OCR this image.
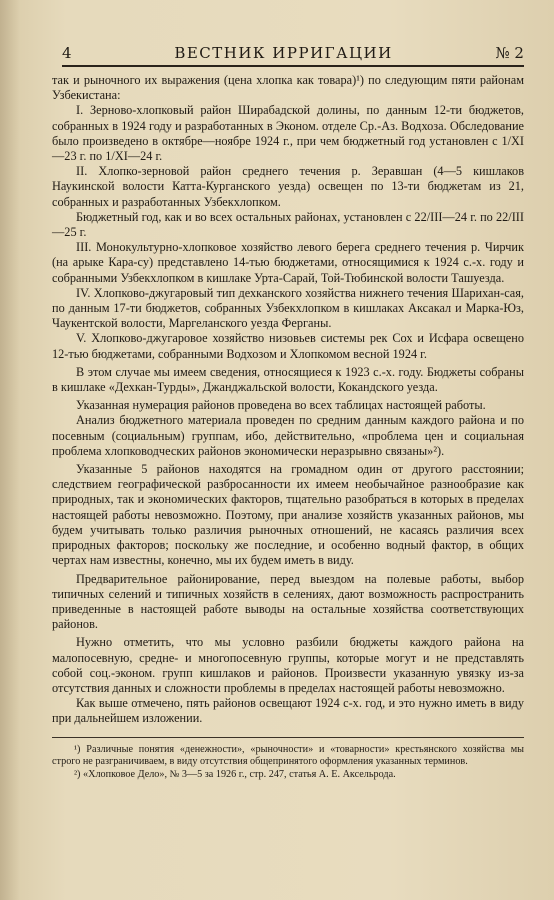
4	ВЕСТНИК ИРРИГАЦИИ	№ 2

так и рыночного их выражения (цена хлопка как товара)¹) по следующим пяти районам Узбекистана:

I. Зерново-хлопковый район Ширабадской долины, по данным 12-ти бюджетов, собранных в 1924 году и разработанных в Эконом. отделе Ср.-Аз. Водхоза. Обследование было произведено в октябре—ноябре 1924 г., при чем бюджетный год установлен с 1/XI—23 г. по 1/XI—24 г.

II. Хлопко-зерновой район среднего течения р. Зеравшан (4—5 кишлаков Наукинской волости Катта-Курганского уезда) освещен по 13-ти бюджетам из 21, собранных и разработанных Узбекхлопком.

Бюджетный год, как и во всех остальных районах, установлен с 22/III—24 г. по 22/III—25 г.

III. Монокультурно-хлопковое хозяйство левого берега среднего течения р. Чирчик (на арыке Кара-су) представлено 14-тью бюджетами, относящимися к 1924 с.-х. году и собранными Узбекхлопком в кишлаке Урта-Сарай, Той-Тюбинской волости Ташуезда.

IV. Хлопково-джугаровый тип дехканского хозяйства нижнего течения Шарихан-сая, по данным 17-ти бюджетов, собранных Узбекхлопком в кишлаках Аксакал и Марка-Юз, Чаукентской волости, Маргеланского уезда Ферганы.

V. Хлопково-джугаровое хозяйство низовьев системы рек Сох и Исфара освещено 12-тью бюджетами, собранными Водхозом и Хлопкомом весной 1924 г.

В этом случае мы имеем сведения, относящиеся к 1923 с.-х. году. Бюджеты собраны в кишлаке «Дехкан-Турды», Джанджальской волости, Кокандского уезда.

Указанная нумерация районов проведена во всех таблицах настоящей работы.

Анализ бюджетного материала проведен по средним данным каждого района и по посевным (социальным) группам, ибо, действительно, «проблема цен и социальная проблема хлопководческих районов экономически неразрывно связаны»²).

Указанные 5 районов находятся на громадном один от другого расстоянии; следствием географической разбросанности их имеем необычайное разнообразие как природных, так и экономических факторов, тщательно разобраться в которых в пределах настоящей работы невозможно. Поэтому, при анализе хозяйств указанных районов, мы будем учитывать только различия рыночных отношений, не касаясь различия всех природных факторов; поскольку же последние, и особенно водный фактор, в общих чертах нам известны, конечно, мы их будем иметь в виду.

Предварительное районирование, перед выездом на полевые работы, выбор типичных селений и типичных хозяйств в селениях, дают возможность распространить приведенные в настоящей работе выводы на остальные хозяйства соответствующих районов.

Нужно отметить, что мы условно разбили бюджеты каждого района на малопосевную, средне- и многопосевную группы, которые могут и не представлять собой соц.-эконом. групп кишлаков и районов. Произвести указанную увязку из-за отсутствия данных и сложности проблемы в пределах настоящей работы невозможно.

Как выше отмечено, пять районов освещают 1924 с-х. год, и это нужно иметь в виду при дальнейшем изложении.

¹) Различные понятия «денежности», «рыночности» и «товарности» крестьянского хозяйства мы строго не разграничиваем, в виду отсутствия общепринятого оформления указанных терминов.

²) «Хлопковое Дело», № 3—5 за 1926 г., стр. 247, статья А. Е. Аксельрода.
